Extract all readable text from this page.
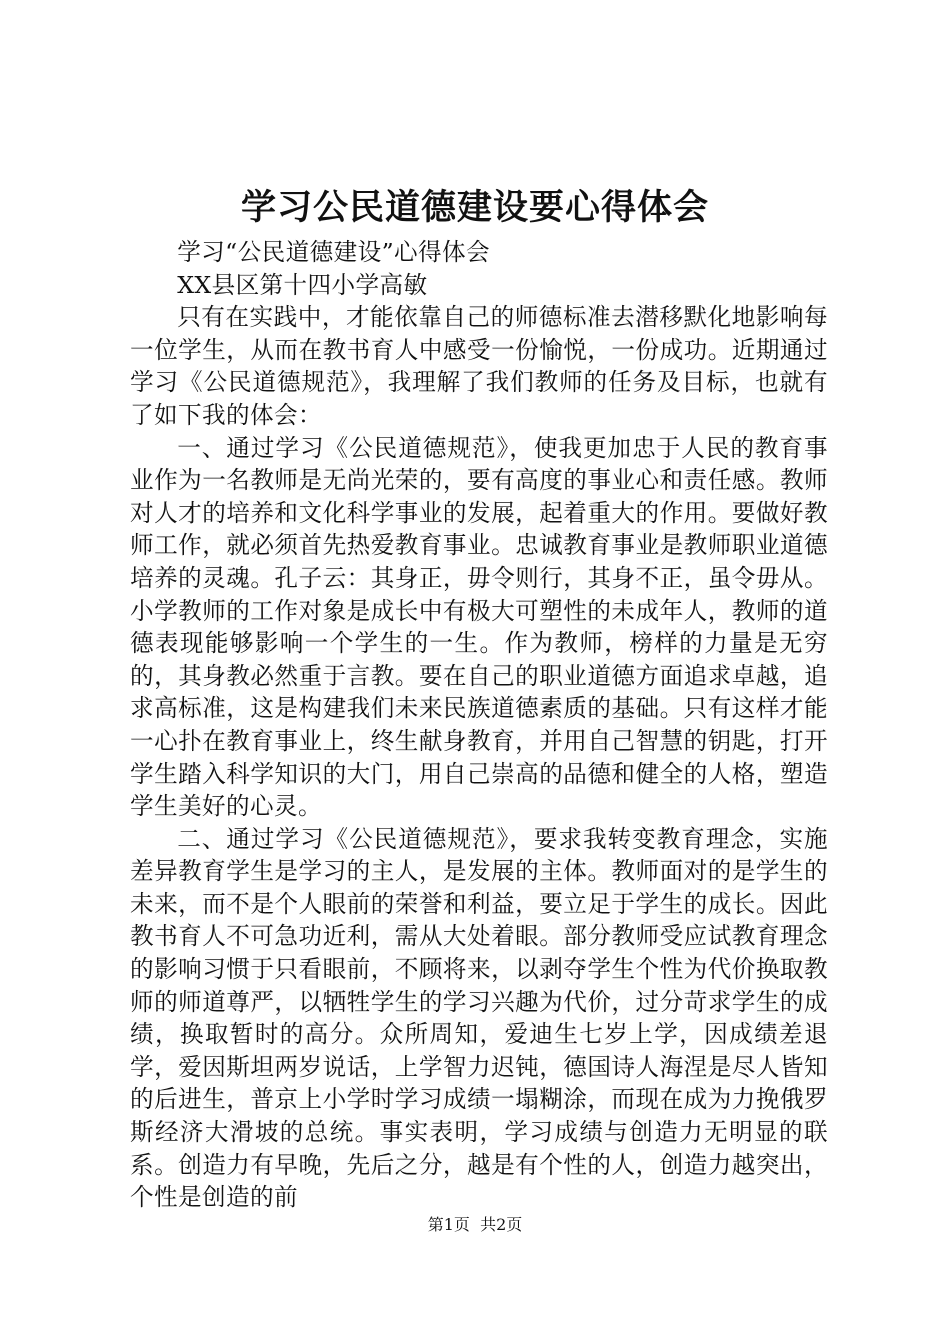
学习公民道德建设要心得体会

学习“公民道德建设”心得体会

XX县区第十四小学高敏

只有在实践中，才能依靠自己的师德标准去潜移默化地影响每一位学生，从而在教书育人中感受一份愉悦，一份成功。近期通过学习《公民道德规范》，我理解了我们教师的任务及目标，也就有了如下我的体会：

一、通过学习《公民道德规范》，使我更加忠于人民的教育事业作为一名教师是无尚光荣的，要有高度的事业心和责任感。教师对人才的培养和文化科学事业的发展，起着重大的作用。要做好教师工作，就必须首先热爱教育事业。忠诚教育事业是教师职业道德培养的灵魂。孔子云：其身正，毋令则行，其身不正，虽令毋从。小学教师的工作对象是成长中有极大可塑性的未成年人，教师的道德表现能够影响一个学生的一生。作为教师，榜样的力量是无穷的，其身教必然重于言教。要在自己的职业道德方面追求卓越，追求高标准，这是构建我们未来民族道德素质的基础。只有这样才能一心扑在教育事业上，终生献身教育，并用自己智慧的钥匙，打开学生踏入科学知识的大门，用自己崇高的品德和健全的人格，塑造学生美好的心灵。

二、通过学习《公民道德规范》，要求我转变教育理念，实施差异教育学生是学习的主人，是发展的主体。教师面对的是学生的未来，而不是个人眼前的荣誉和利益，要立足于学生的成长。因此教书育人不可急功近利，需从大处着眼。部分教师受应试教育理念的影响习惯于只看眼前，不顾将来，以剥夺学生个性为代价换取教师的师道尊严，以牺牲学生的学习兴趣为代价，过分苛求学生的成绩，换取暂时的高分。众所周知，爱迪生七岁上学，因成绩差退学，爱因斯坦两岁说话，上学智力迟钝，德国诗人海涅是尽人皆知的后进生，普京上小学时学习成绩一塌糊涂，而现在成为力挽俄罗斯经济大滑坡的总统。事实表明，学习成绩与创造力无明显的联系。创造力有早晚，先后之分，越是有个性的人，创造力越突出，个性是创造的前

第1页 共2页
